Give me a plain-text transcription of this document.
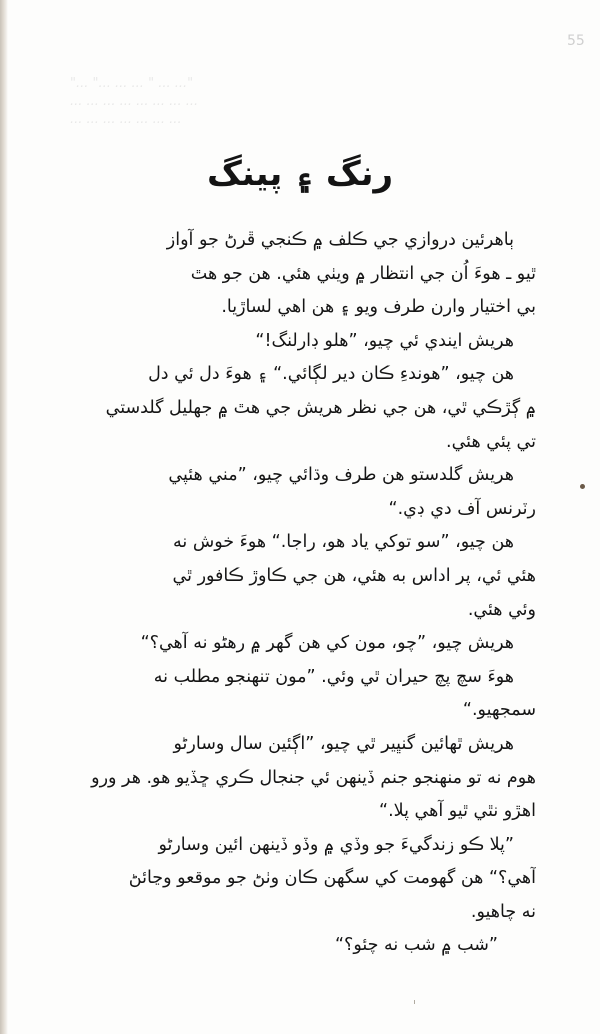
55
"... "... ... ... " ... ..."
... ... ... ... ... ... ... ...
... ... ... ... ... ... ...
رنگ ۽ پينگ
ٻاهرئين دروازي جي ڪلف ۾ ڪنجي ڦرڻ جو آواز
ٿيو ـ هوءَ اُن جي انتظار ۾ ويٺي هئي. هن جو هٿ
بي اختيار وارن طرف ويو ۽ هن اهي لساڙيا.
هريش ايندي ئي چيو، ”هلو ڊارلنگ!“
هن چيو، ”هوندءِ ڪان دير لڳائي.“ ۽ هوءَ دل ئي دل
۾ ڳڙڪي ٿي، هن جي نظر هريش جي هٿ ۾ جهليل گلدستي
تي پئي هئي.
هريش گلدستو هن طرف وڌائي چيو، ”مني هئپي
رٽرنس آف دي ڊي.“
هن چيو، ”سو توکي ياد هو، راجا.“ هوءَ خوش نه
هئي ئي، پر اداس به هئي، هن جي ڪاوڙ ڪافور ٿي
وئي هئي.
هريش چيو، ”چو، مون کي هن گهر ۾ رهڻو نه آهي؟“
هوءَ سچ پچ حيران ٿي وئي. ”مون تنهنجو مطلب نه
سمجهيو.“
هريش ٿهائين گنڀير ٿي چيو، ”اڳئين سال وسارڻو
هوم نه تو منهنجو جنم ڏينهن ئي جنجال ڪري ڇڏيو هو. هر ورو
اهڙو نٿي ٿيو آهي پلا.“
”پلا ڪو زندگيءَ جو وڏي ۾ وڏو ڏينهن ائين وسارڻو
آهي؟“ هن گهومت کي سگهن ڪان وٺڻ جو موقعو وڃائڻ
نه چاهيو.
”شب ۾ شب نه چئو؟“
